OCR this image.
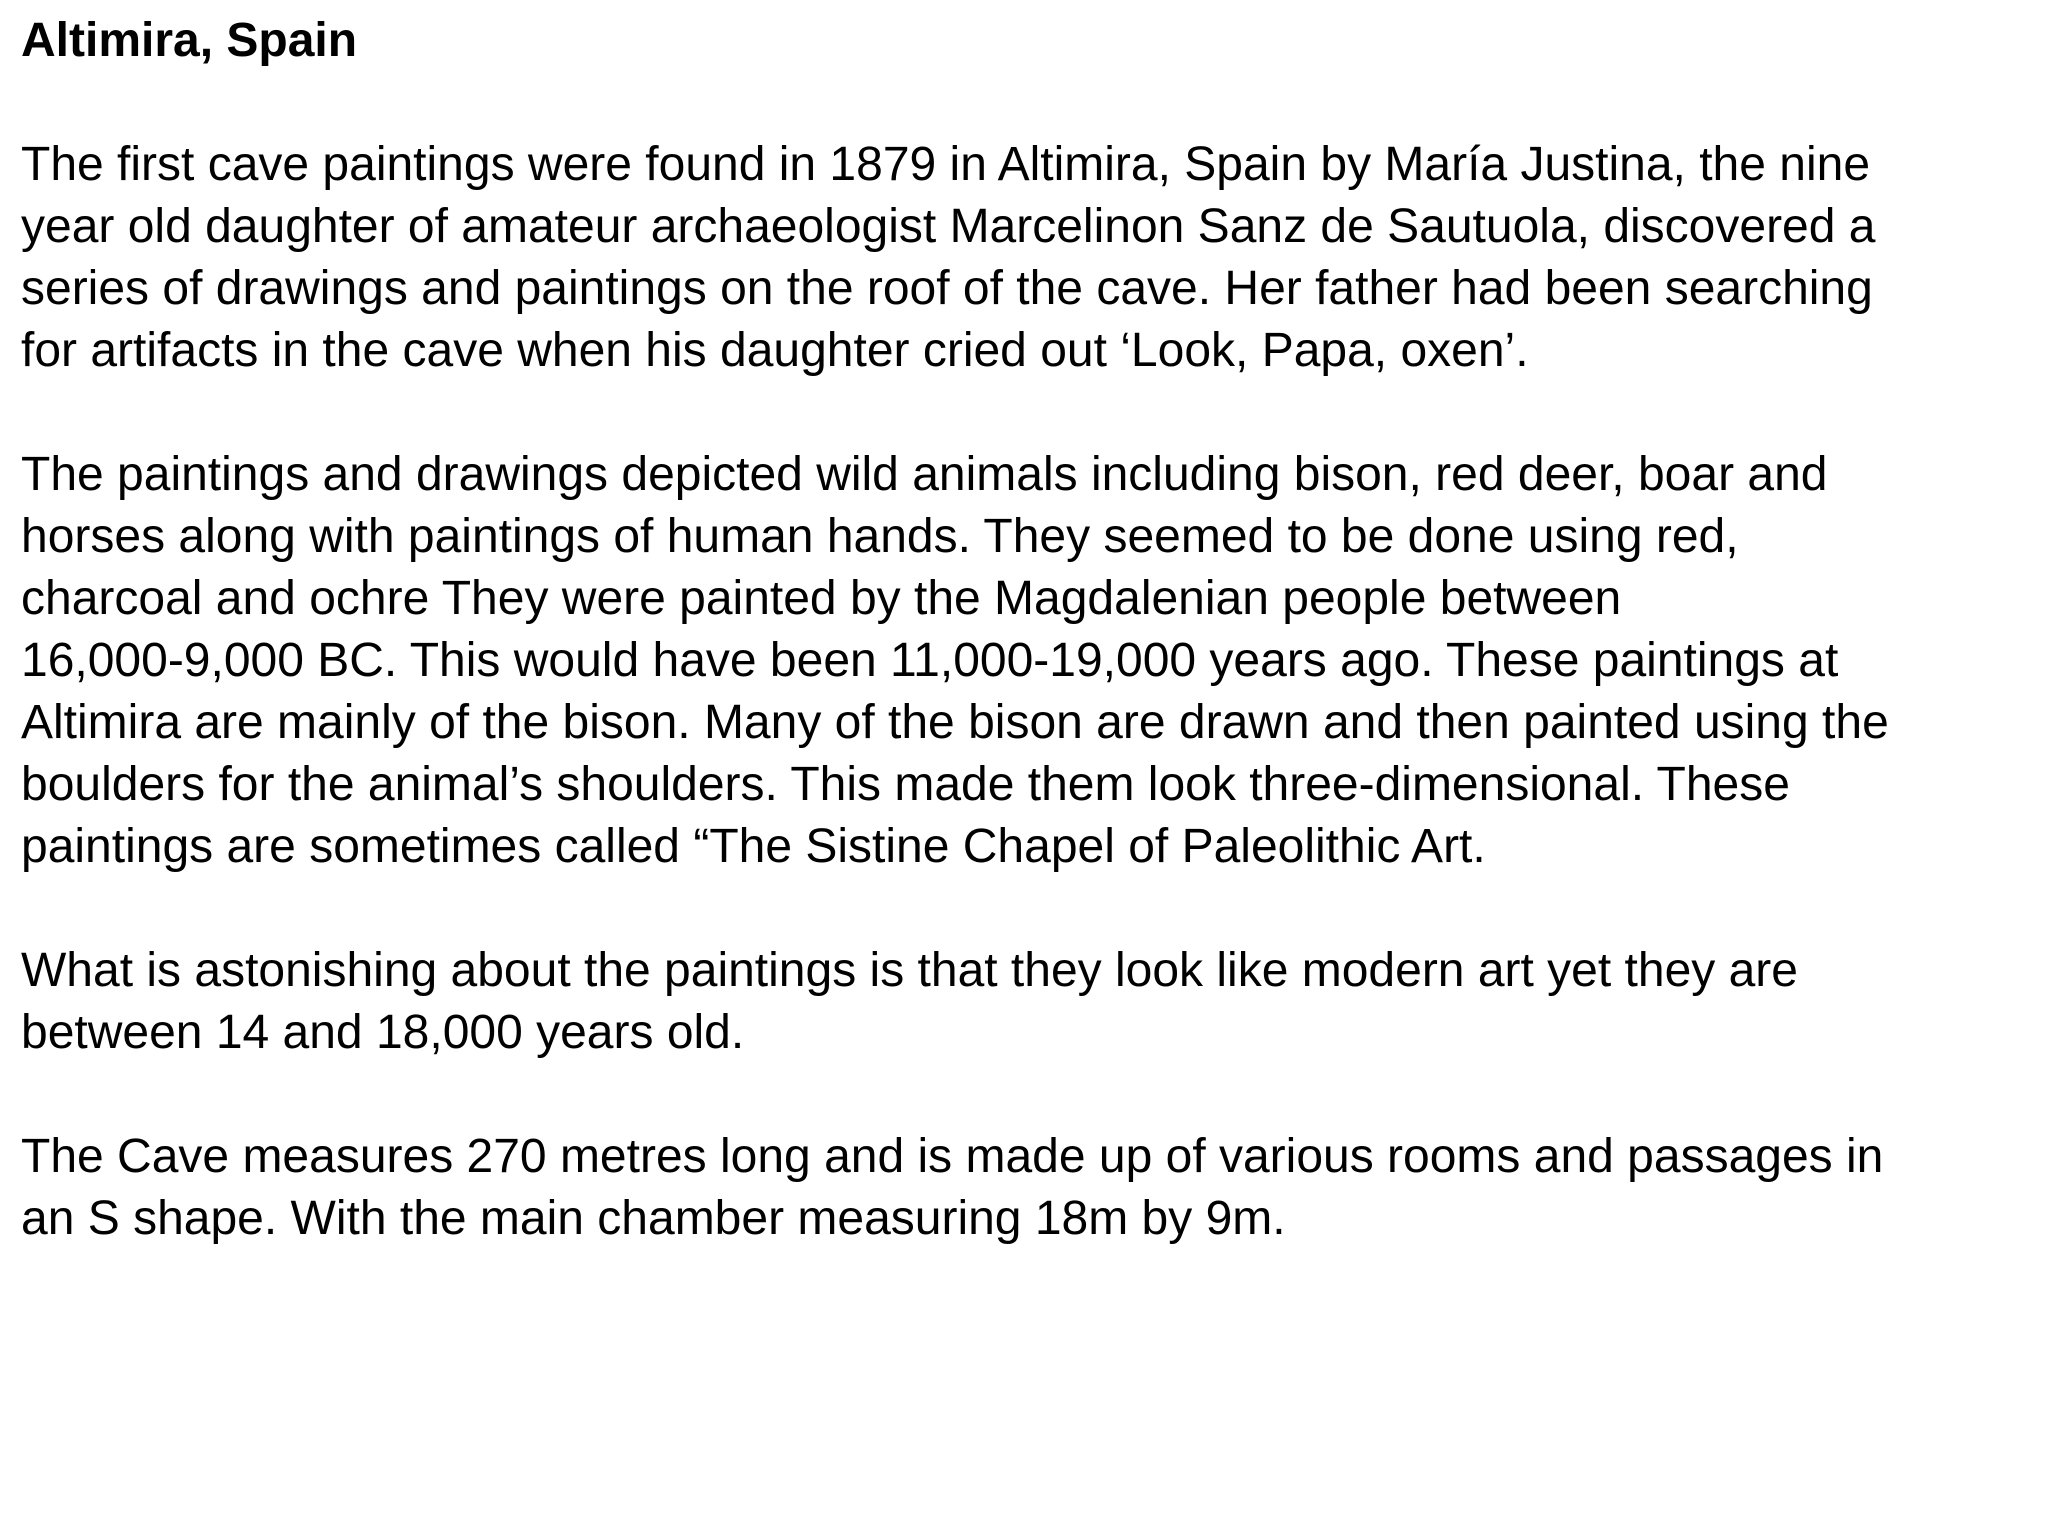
Altimira, Spain

The first cave paintings were found in 1879 in Altimira, Spain by María Justina, the nine
year old daughter of amateur archaeologist Marcelinon Sanz de Sautuola, discovered a
series of drawings and paintings on the roof of the cave. Her father had been searching
for artifacts in the cave when his daughter cried out ‘Look, Papa, oxen’.

The paintings and drawings depicted wild animals including bison, red deer, boar and
horses along with paintings of human hands. They seemed to be done using red,
charcoal and ochre They were painted by the Magdalenian people between
16,000-9,000 BC. This would have been 11,000-19,000 years ago. These paintings at
Altimira are mainly of the bison. Many of the bison are drawn and then painted using the
boulders for the animal’s shoulders. This made them look three-dimensional. These
paintings are sometimes called “The Sistine Chapel of Paleolithic Art.

What is astonishing about the paintings is that they look like modern art yet they are
between 14 and 18,000 years old.

The Cave measures 270 metres long and is made up of various rooms and passages in
an S shape. With the main chamber measuring 18m by 9m.
